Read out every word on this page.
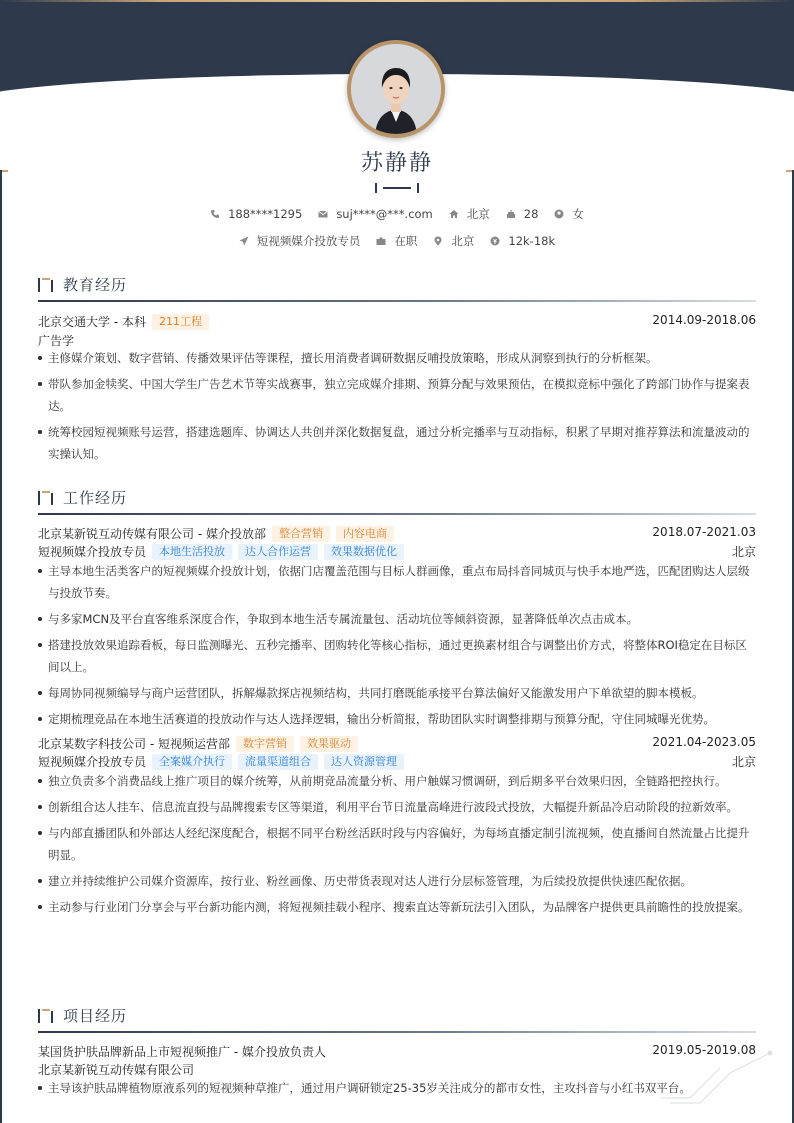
苏静静
188****1295	suj****@***.com	北京	28	女
短视频媒介投放专员	在职	北京	12k-18k
教育经历
北京交通大学 - 本科	211工程	2014.09-2018.06
广告学
主修媒介策划、数字营销、传播效果评估等课程，擅长用消费者调研数据反哺投放策略，形成从洞察到执行的分析框架。
带队参加金犊奖、中国大学生广告艺术节等实战赛事，独立完成媒介排期、预算分配与效果预估，在模拟竞标中强化了跨部门协作与提案表达。
统筹校园短视频账号运营，搭建选题库、协调达人共创并深化数据复盘，通过分析完播率与互动指标，积累了早期对推荐算法和流量波动的实操认知。
工作经历
北京某新锐互动传媒有限公司 - 媒介投放部	整合营销	内容电商	2018.07-2021.03
短视频媒介投放专员	本地生活投放	达人合作运营	效果数据优化	北京
主导本地生活类客户的短视频媒介投放计划，依据门店覆盖范围与目标人群画像，重点布局抖音同城页与快手本地严选，匹配团购达人层级与投放节奏。
与多家MCN及平台直客维系深度合作，争取到本地生活专属流量包、活动坑位等倾斜资源，显著降低单次点击成本。
搭建投放效果追踪看板，每日监测曝光、五秒完播率、团购转化等核心指标，通过更换素材组合与调整出价方式，将整体ROI稳定在目标区间以上。
每周协同视频编导与商户运营团队，拆解爆款探店视频结构，共同打磨既能承接平台算法偏好又能激发用户下单欲望的脚本模板。
定期梳理竞品在本地生活赛道的投放动作与达人选择逻辑，输出分析简报，帮助团队实时调整排期与预算分配，守住同城曝光优势。
北京某数字科技公司 - 短视频运营部	数字营销	效果驱动	2021.04-2023.05
短视频媒介投放专员	全案媒介执行	流量渠道组合	达人资源管理	北京
独立负责多个消费品线上推广项目的媒介统筹，从前期竞品流量分析、用户触媒习惯调研，到后期多平台效果归因，全链路把控执行。
创新组合达人挂车、信息流直投与品牌搜索专区等渠道，利用平台节日流量高峰进行波段式投放，大幅提升新品冷启动阶段的拉新效率。
与内部直播团队和外部达人经纪深度配合，根据不同平台粉丝活跃时段与内容偏好，为每场直播定制引流视频，使直播间自然流量占比提升明显。
建立并持续维护公司媒介资源库，按行业、粉丝画像、历史带货表现对达人进行分层标签管理，为后续投放提供快速匹配依据。
主动参与行业闭门分享会与平台新功能内测，将短视频挂载小程序、搜索直达等新玩法引入团队，为品牌客户提供更具前瞻性的投放提案。
项目经历
某国货护肤品牌新品上市短视频推广 - 媒介投放负责人	2019.05-2019.08
北京某新锐互动传媒有限公司
主导该护肤品牌植物原液系列的短视频种草推广，通过用户调研锁定25-35岁关注成分的都市女性，主攻抖音与小红书双平台。
